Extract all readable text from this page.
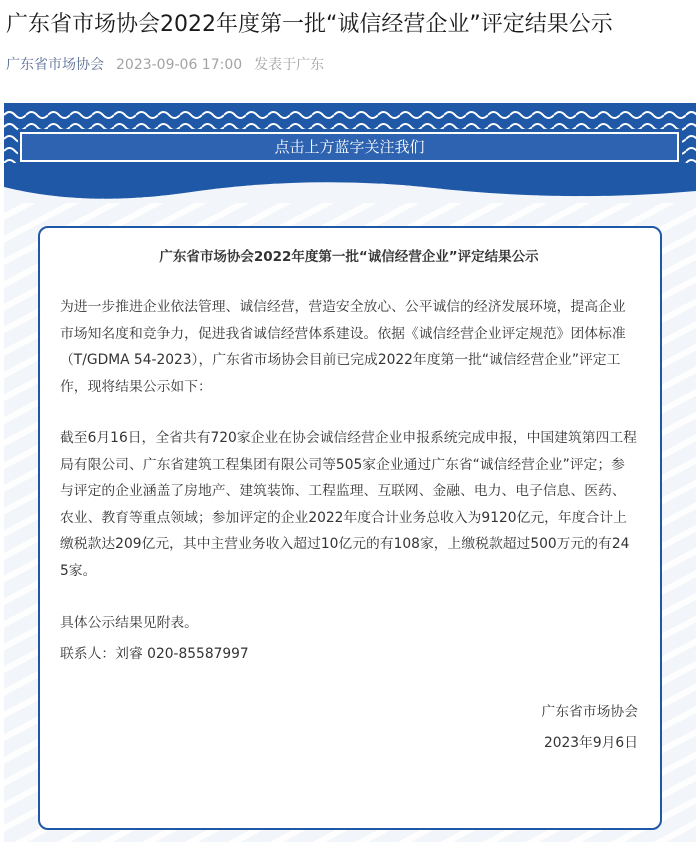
广东省市场协会2022年度第一批“诚信经营企业”评定结果公示
广东省市场协会 2023-09-06 17:00 发表于广东
点击上方蓝字关注我们
广东省市场协会2022年度第一批“诚信经营企业”评定结果公示

为进一步推进企业依法管理、诚信经营，营造安全放心、公平诚信的经济发展环境，提高企业市场知名度和竞争力，促进我省诚信经营体系建设。依据《诚信经营企业评定规范》团体标准（T/GDMA 54-2023），广东省市场协会目前已完成2022年度第一批“诚信经营企业”评定工作，现将结果公示如下：

截至6月16日，全省共有720家企业在协会诚信经营企业申报系统完成申报，中国建筑第四工程局有限公司、广东省建筑工程集团有限公司等505家企业通过广东省“诚信经营企业”评定；参与评定的企业涵盖了房地产、建筑装饰、工程监理、互联网、金融、电力、电子信息、医药、农业、教育等重点领域；参加评定的企业2022年度合计业务总收入为9120亿元，年度合计上缴税款达209亿元，其中主营业务收入超过10亿元的有108家，上缴税款超过500万元的有245家。

具体公示结果见附表。

联系人：刘睿 020-85587997

广东省市场协会

2023年9月6日
